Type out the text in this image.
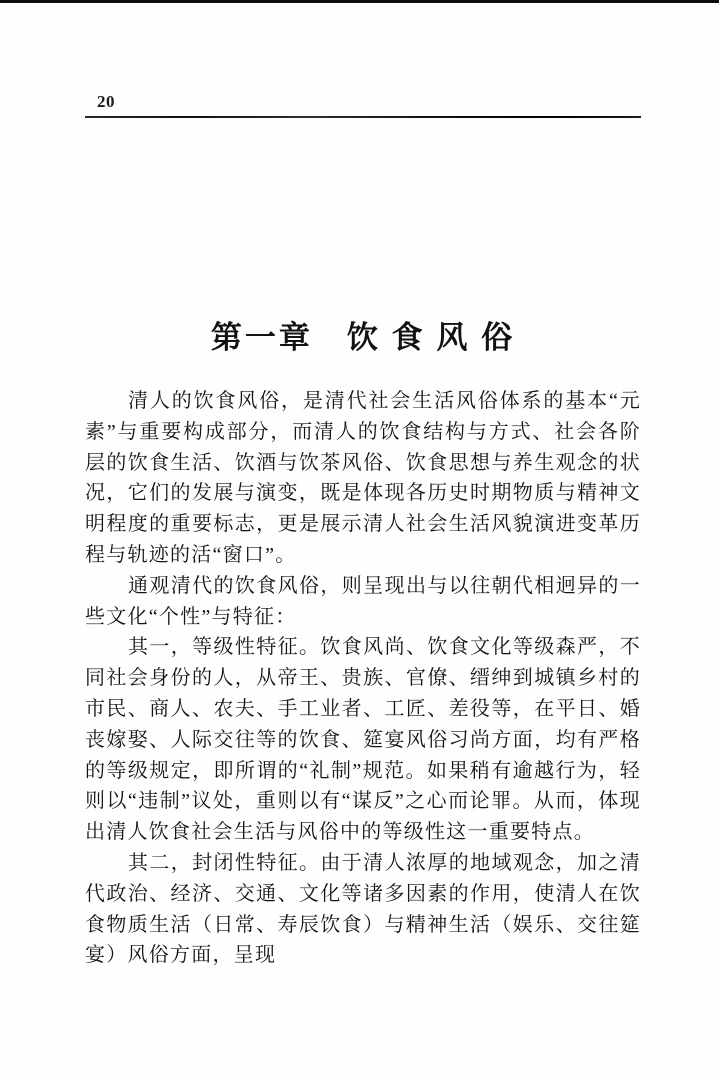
20
第一章　饮 食 风 俗

清人的饮食风俗，是清代社会生活风俗体系的基本“元素”与重要构成部分，而清人的饮食结构与方式、社会各阶层的饮食生活、饮酒与饮茶风俗、饮食思想与养生观念的状况，它们的发展与演变，既是体现各历史时期物质与精神文明程度的重要标志，更是展示清人社会生活风貌演进变革历程与轨迹的活“窗口”。

通观清代的饮食风俗，则呈现出与以往朝代相迥异的一些文化“个性”与特征：

其一，等级性特征。饮食风尚、饮食文化等级森严，不同社会身份的人，从帝王、贵族、官僚、缙绅到城镇乡村的市民、商人、农夫、手工业者、工匠、差役等，在平日、婚丧嫁娶、人际交往等的饮食、筵宴风俗习尚方面，均有严格的等级规定，即所谓的“礼制”规范。如果稍有逾越行为，轻则以“违制”议处，重则以有“谋反”之心而论罪。从而，体现出清人饮食社会生活与风俗中的等级性这一重要特点。

其二，封闭性特征。由于清人浓厚的地域观念，加之清代政治、经济、交通、文化等诸多因素的作用，使清人在饮食物质生活（日常、寿辰饮食）与精神生活（娱乐、交往筵宴）风俗方面，呈现
